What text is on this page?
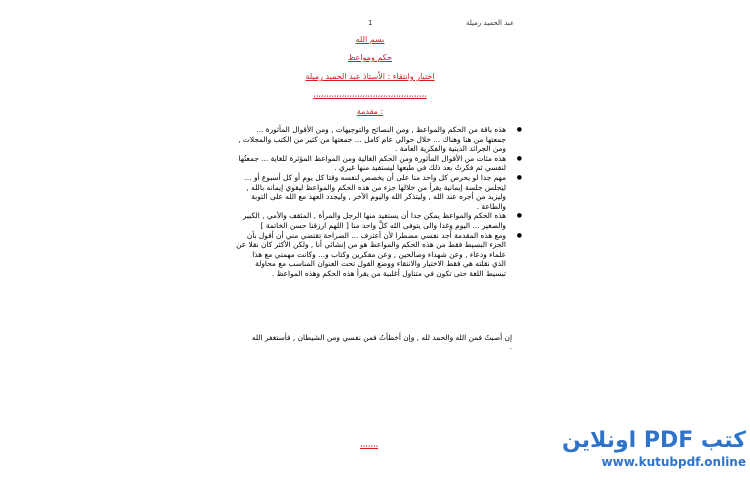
عبد الحميد رميلة
1
بسم الله
حكم ومواعظ
اختيار وانتقاء : الأستاذ عبد الحميد رميلة
،،،،،،،،،،،،،،،،،،،،،،،،،،،،،،،،،،،،،،،،،،،،
مقدمة :
● هذه باقة من الحكم والمواعظ , ومن النصائح والتوجيهات , ومن الأقوال المأثورة ... جمعتها من هنا وهناك ... خلال حوالي عام كامل ... جمعتها من كثير من الكتب والمجلات , ومن الجرائد الدينية والفكرية العامة .
● هذه مئات من الأقوال المأثورة ومن الحكم الغالية ومن المواعظ المؤثرة للغاية ... جمعتُها لنفسي ثم فكرتُ بعد ذلك في طبعها ليستفيد منها غيري .
● مهم جدا لو يحرص كل واحد منا على أن يخصص لنفسه وقتا كل يوم أو كل أسبوع أو ... ليجلس جلسة إيمانية يقرأ من خلالها جزء من هذه الحكم والمواعظ ليقوي إيمانه بالله , وليزيد من أجره عند الله , وليتذكر الله واليوم الآخر , وليجدد العهد مع الله على التوبة والطاعة .
● هذه الحكم والمواعظ يمكن جدا أن يستفيد منها الرجل والمرأة , المثقف والأمي , الكبير والصغير ... اليوم وغدا والى يتوفى الله كلَّ واحد منا [ اللهم ارزقنا حسن الخاتمة ]
● ومع هذه المقدمة أجد نفسي مضطرا لأن أعترف ... الصراحة تقتضي مني أن أقول بأن الجزء البسيط فقط من هذه الحكم والمواعظ هو من إنشائي أنا , ولكن الأكثر كان نقلا عن علماء ودعاء , وعن شهداء وصالحين , وعن مفكرين وكتاب و... وكانت مهمتي مع هذا الذي نقلته هي فقط الاختيار والانتقاء ووضع القول تحت العنوان المناسب مع محاولة تبسيط اللغة حتى تكون في متناول أغلبية من يقرأ هذه الحكم وهذه المواعظ .
إن أصبتُ فمن الله والحمد لله , وإن أخطأتُ فمن نفسي ومن الشيطان , فأستغفر الله .
،،،،،،،	كتب PDF اونلاين
www.kutubpdf.online
